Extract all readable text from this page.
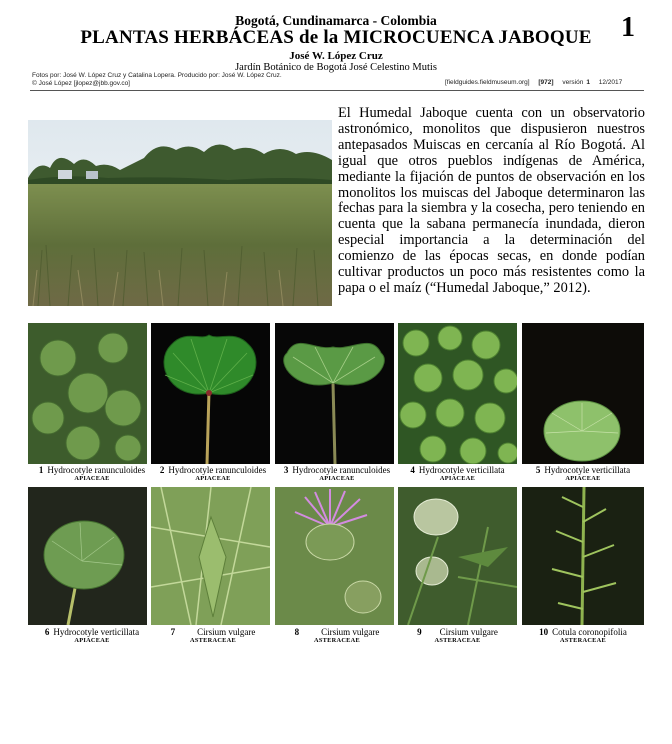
Bogotá, Cundinamarca - Colombia
PLANTAS HERBÁCEAS de la MICROCUENCA JABOQUE	1
José W. López Cruz
Jardín Botánico de Bogotá José Celestino Mutis
Fotos por: José W. López Cruz y Catalina Lopera. Producido por: José W. López Cruz.
© José López [jlopez@jbb.gov.co]	[fieldguides.fieldmuseum.org] [972] versión 1 12/2017
El Humedal Jaboque cuenta con un observatorio astronómico, monolitos que dispusieron nuestros antepasados Muiscas en cercanía al Río Bogotá. Al igual que otros pueblos indígenas de América, mediante la fijación de puntos de observación en los monolitos los muiscas del Jaboque determinaron las fechas para la siembra y la cosecha, pero teniendo en cuenta que la sabana permanecía inundada, dieron especial importancia a la determinación del comienzo de las épocas secas, en donde podían cultivar productos un poco más resistentes como la papa o el maíz (“Humedal Jaboque,” 2012).
1 Hydrocotyle ranunculoides
APIACEAE
2 Hydrocotyle ranunculoides
APIACEAE
3 Hydrocotyle ranunculoides
APIACEAE
4 Hydrocotyle verticillata
APIACEAE
5 Hydrocotyle verticillata
APIACEAE
6 Hydrocotyle verticillata
APIACEAE
7 Cirsium vulgare
ASTERACEAE
8 Cirsium vulgare
ASTERACEAE
9 Cirsium vulgare
ASTERACEAE
10 Cotula coronopifolia
ASTERACEAE
